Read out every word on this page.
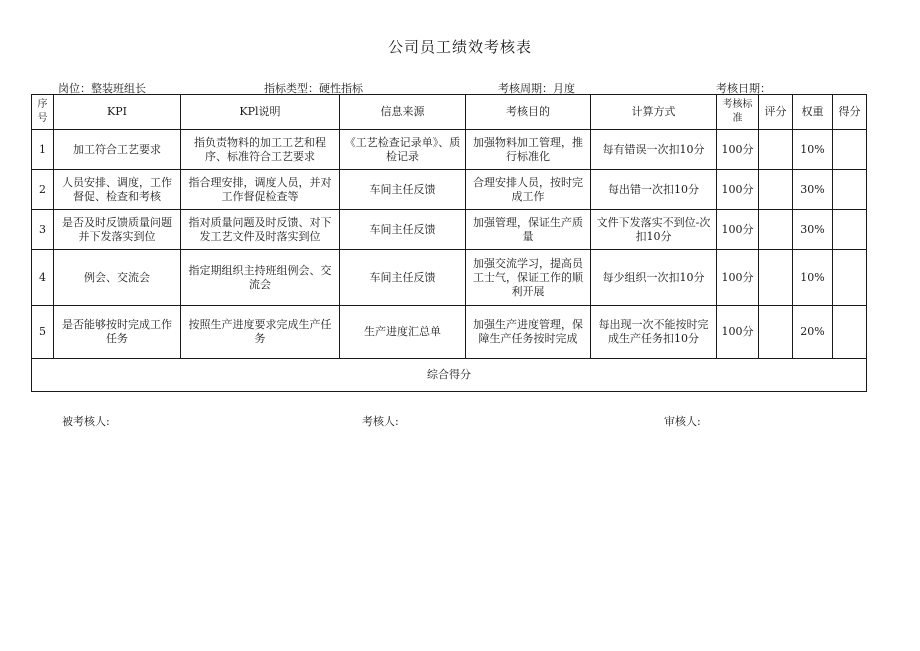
公司员工绩效考核表
岗位：整装班组长	指标类型：硬性指标	考核周期：月度	考核日期：
序号	KPI	KPl说明	信息来源	考核目的	计算方式	考核标准	评分	权重	得分
1	加工符合工艺要求	指负责物料的加工工艺和程序、标准符合工艺要求	《工艺检查记录单》、质检记录	加强物料加工管理，推行标准化	每有错误一次扣10分	100分		10%	
2	人员安排、调度，工作督促、检查和考核	指合理安排，调度人员，并对工作督促检查等	车间主任反馈	合理安排人员，按时完成工作	每出错一次扣10分	100分		30%	
3	是否及时反馈质量问题并下发落实到位	指对质量问题及时反馈、对下发工艺文件及时落实到位	车间主任反馈	加强管理，保证生产质量	文件下发落实不到位-次扣10分	100分		30%	
4	例会、交流会	指定期组织主持班组例会、交流会	车间主任反馈	加强交流学习，提高员工士气，保证工作的顺利开展	每少组织一次扣10分	100分		10%	
5	是否能够按时完成工作任务	按照生产进度要求完成生产任务	生产进度汇总单	加强生产进度管理，保障生产任务按时完成	每出现一次不能按时完成生产任务扣10分	100分		20%	
综合得分									
被考核人:	考核人:	审核人:
